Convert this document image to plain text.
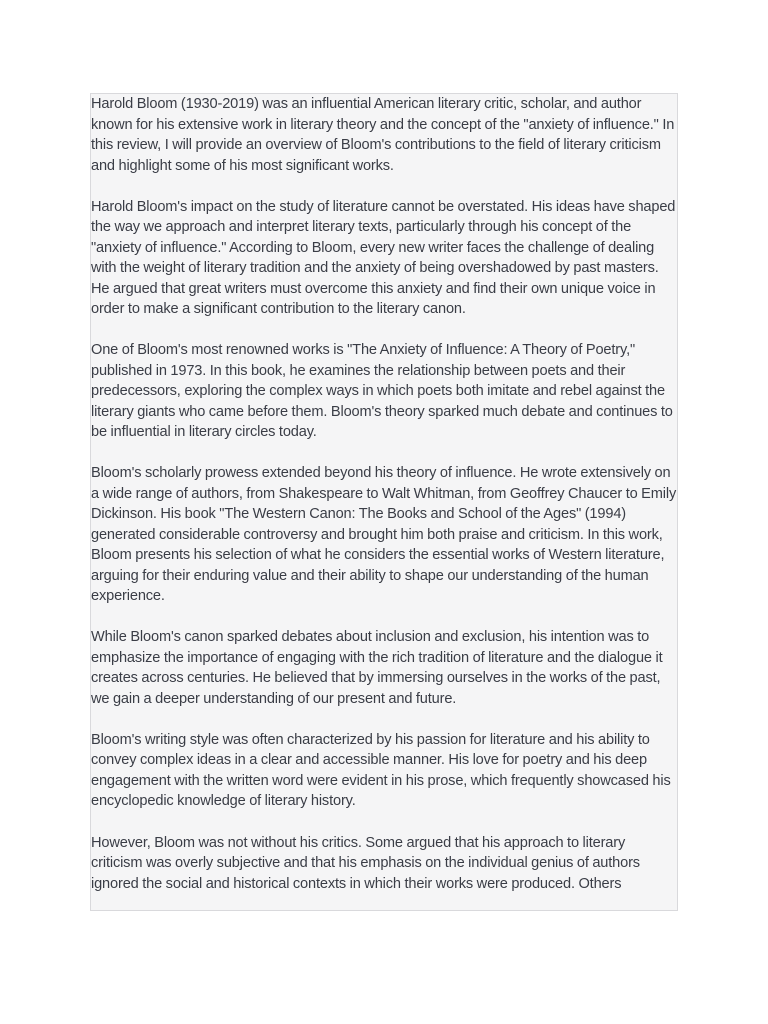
Harold Bloom (1930-2019) was an influential American literary critic, scholar, and author known for his extensive work in literary theory and the concept of the "anxiety of influence." In this review, I will provide an overview of Bloom's contributions to the field of literary criticism and highlight some of his most significant works.

Harold Bloom's impact on the study of literature cannot be overstated. His ideas have shaped the way we approach and interpret literary texts, particularly through his concept of the "anxiety of influence." According to Bloom, every new writer faces the challenge of dealing with the weight of literary tradition and the anxiety of being overshadowed by past masters. He argued that great writers must overcome this anxiety and find their own unique voice in order to make a significant contribution to the literary canon.

One of Bloom's most renowned works is "The Anxiety of Influence: A Theory of Poetry," published in 1973. In this book, he examines the relationship between poets and their predecessors, exploring the complex ways in which poets both imitate and rebel against the literary giants who came before them. Bloom's theory sparked much debate and continues to be influential in literary circles today.

Bloom's scholarly prowess extended beyond his theory of influence. He wrote extensively on a wide range of authors, from Shakespeare to Walt Whitman, from Geoffrey Chaucer to Emily Dickinson. His book "The Western Canon: The Books and School of the Ages" (1994) generated considerable controversy and brought him both praise and criticism. In this work, Bloom presents his selection of what he considers the essential works of Western literature, arguing for their enduring value and their ability to shape our understanding of the human experience.

While Bloom's canon sparked debates about inclusion and exclusion, his intention was to emphasize the importance of engaging with the rich tradition of literature and the dialogue it creates across centuries. He believed that by immersing ourselves in the works of the past, we gain a deeper understanding of our present and future.

Bloom's writing style was often characterized by his passion for literature and his ability to convey complex ideas in a clear and accessible manner. His love for poetry and his deep engagement with the written word were evident in his prose, which frequently showcased his encyclopedic knowledge of literary history.

However, Bloom was not without his critics. Some argued that his approach to literary criticism was overly subjective and that his emphasis on the individual genius of authors ignored the social and historical contexts in which their works were produced. Others
